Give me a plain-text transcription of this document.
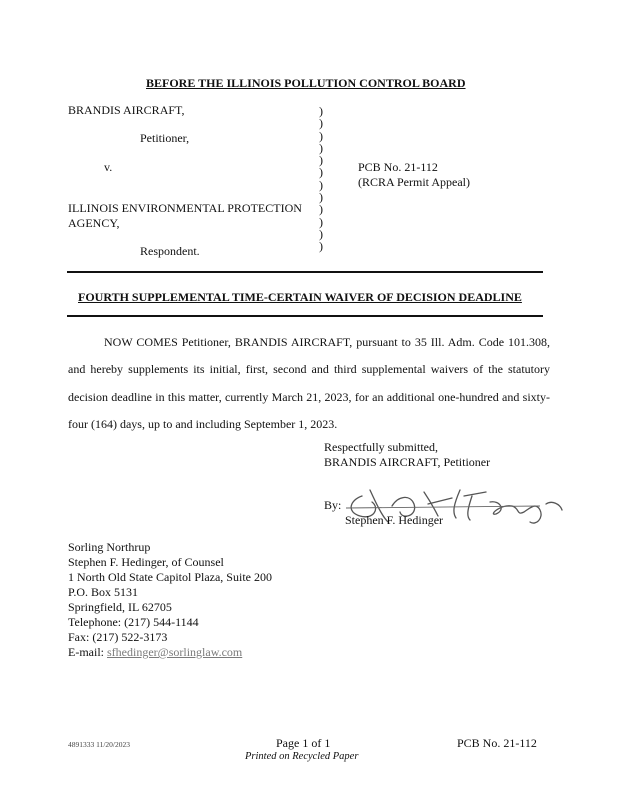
BEFORE THE ILLINOIS POLLUTION CONTROL BOARD
BRANDIS AIRCRAFT,
Petitioner,
v.
ILLINOIS ENVIRONMENTAL PROTECTION
AGENCY,
Respondent.
)
)
)
)
)
)
)
)
)
)
)
)
PCB No. 21-112
(RCRA Permit Appeal)
FOURTH SUPPLEMENTAL TIME-CERTAIN WAIVER OF DECISION DEADLINE
NOW COMES Petitioner, BRANDIS AIRCRAFT, pursuant to 35 Ill. Adm. Code 101.308, and hereby supplements its initial, first, second and third supplemental waivers of the statutory decision deadline in this matter, currently March 21, 2023, for an additional one-hundred and sixty-four (164) days, up to and including September 1, 2023.
Respectfully submitted,
BRANDIS AIRCRAFT, Petitioner
By:
Stephen F. Hedinger
Sorling Northrup
Stephen F. Hedinger, of Counsel
1 North Old State Capitol Plaza, Suite 200
P.O. Box 5131
Springfield, IL 62705
Telephone: (217) 544-1144
Fax: (217) 522-3173
E-mail: sfhedinger@sorlinglaw.com
4891333 11/20/2023	Page 1 of 1
Printed on Recycled Paper
PCB No. 21-112
